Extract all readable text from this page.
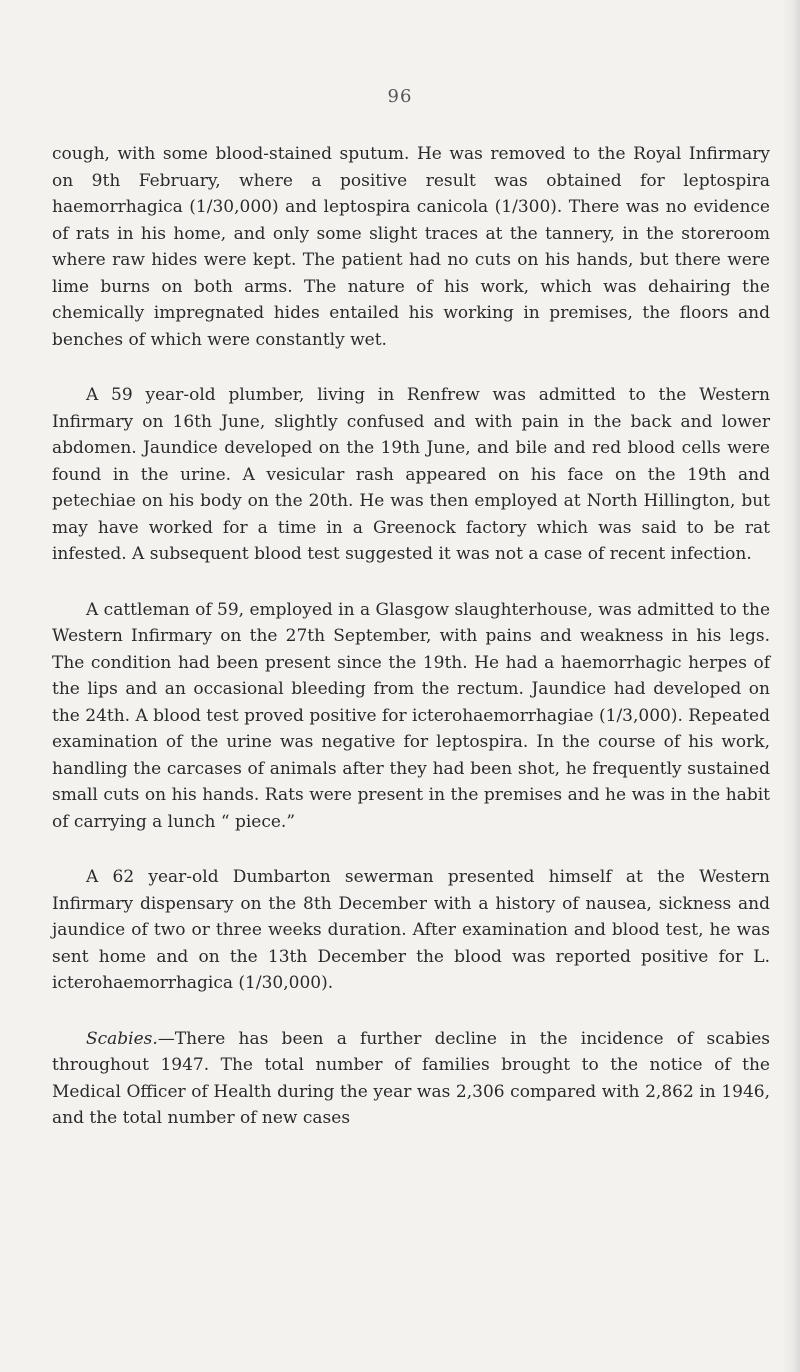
96

cough, with some blood-stained sputum. He was removed to the Royal Infirmary on 9th February, where a positive result was obtained for leptospira haemorrhagica (1/30,000) and leptospira canicola (1/300). There was no evidence of rats in his home, and only some slight traces at the tannery, in the storeroom where raw hides were kept. The patient had no cuts on his hands, but there were lime burns on both arms. The nature of his work, which was dehairing the chemically impregnated hides entailed his working in premises, the floors and benches of which were constantly wet.

A 59 year-old plumber, living in Renfrew was admitted to the Western Infirmary on 16th June, slightly confused and with pain in the back and lower abdomen. Jaundice developed on the 19th June, and bile and red blood cells were found in the urine. A vesicular rash appeared on his face on the 19th and petechiae on his body on the 20th. He was then employed at North Hillington, but may have worked for a time in a Greenock factory which was said to be rat infested. A subsequent blood test suggested it was not a case of recent infection.

A cattleman of 59, employed in a Glasgow slaughterhouse, was admitted to the Western Infirmary on the 27th September, with pains and weakness in his legs. The condition had been present since the 19th. He had a haemorrhagic herpes of the lips and an occasional bleeding from the rectum. Jaundice had developed on the 24th. A blood test proved positive for icterohaemorrhagiae (1/3,000). Repeated examination of the urine was negative for leptospira. In the course of his work, handling the carcases of animals after they had been shot, he frequently sustained small cuts on his hands. Rats were present in the premises and he was in the habit of carrying a lunch “ piece.”

A 62 year-old Dumbarton sewerman presented himself at the Western Infirmary dispensary on the 8th December with a history of nausea, sickness and jaundice of two or three weeks duration. After examination and blood test, he was sent home and on the 13th December the blood was reported positive for L. icterohaemorrhagica (1/30,000).

Scabies.—There has been a further decline in the incidence of scabies throughout 1947. The total number of families brought to the notice of the Medical Officer of Health during the year was 2,306 compared with 2,862 in 1946, and the total number of new cases
